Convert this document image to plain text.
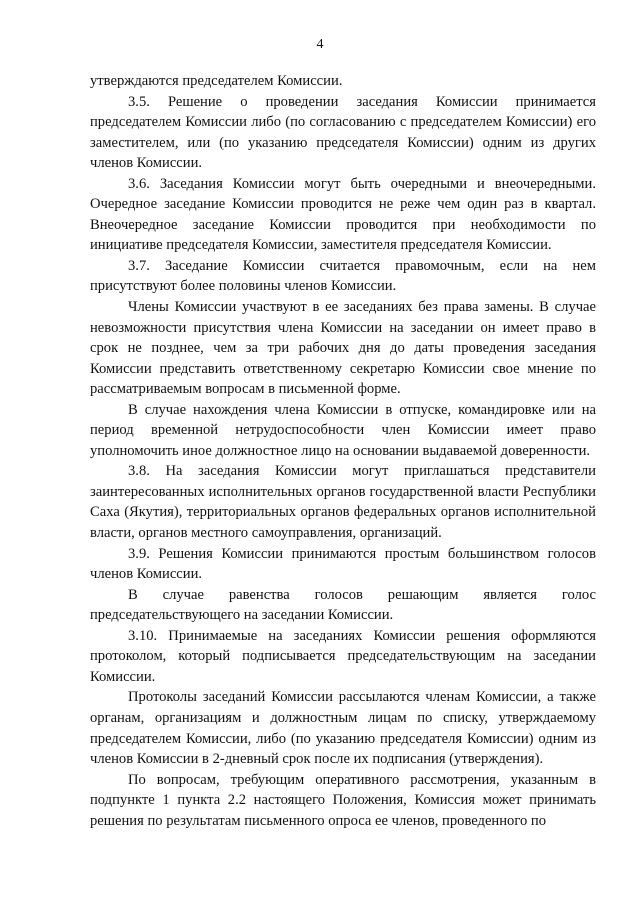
4

утверждаются председателем Комиссии.

3.5. Решение о проведении заседания Комиссии принимается председателем Комиссии либо (по согласованию с председателем Комиссии) его заместителем, или (по указанию председателя Комиссии) одним из других членов Комиссии.

3.6. Заседания Комиссии могут быть очередными и внеочередными. Очередное заседание Комиссии проводится не реже чем один раз в квартал. Внеочередное заседание Комиссии проводится при необходимости по инициативе председателя Комиссии, заместителя председателя Комиссии.

3.7. Заседание Комиссии считается правомочным, если на нем присутствуют более половины членов Комиссии.

Члены Комиссии участвуют в ее заседаниях без права замены. В случае невозможности присутствия члена Комиссии на заседании он имеет право в срок не позднее, чем за три рабочих дня до даты проведения заседания Комиссии представить ответственному секретарю Комиссии свое мнение по рассматриваемым вопросам в письменной форме.

В случае нахождения члена Комиссии в отпуске, командировке или на период временной нетрудоспособности член Комиссии имеет право уполномочить иное должностное лицо на основании выдаваемой доверенности.

3.8. На заседания Комиссии могут приглашаться представители заинтересованных исполнительных органов государственной власти Республики Саха (Якутия), территориальных органов федеральных органов исполнительной власти, органов местного самоуправления, организаций.

3.9. Решения Комиссии принимаются простым большинством голосов членов Комиссии.

В случае равенства голосов решающим является голос председательствующего на заседании Комиссии.

3.10. Принимаемые на заседаниях Комиссии решения оформляются протоколом, который подписывается председательствующим на заседании Комиссии.

Протоколы заседаний Комиссии рассылаются членам Комиссии, а также органам, организациям и должностным лицам по списку, утверждаемому председателем Комиссии, либо (по указанию председателя Комиссии) одним из членов Комиссии в 2-дневный срок после их подписания (утверждения).

По вопросам, требующим оперативного рассмотрения, указанным в подпункте 1 пункта 2.2 настоящего Положения, Комиссия может принимать решения по результатам письменного опроса ее членов, проведенного по
